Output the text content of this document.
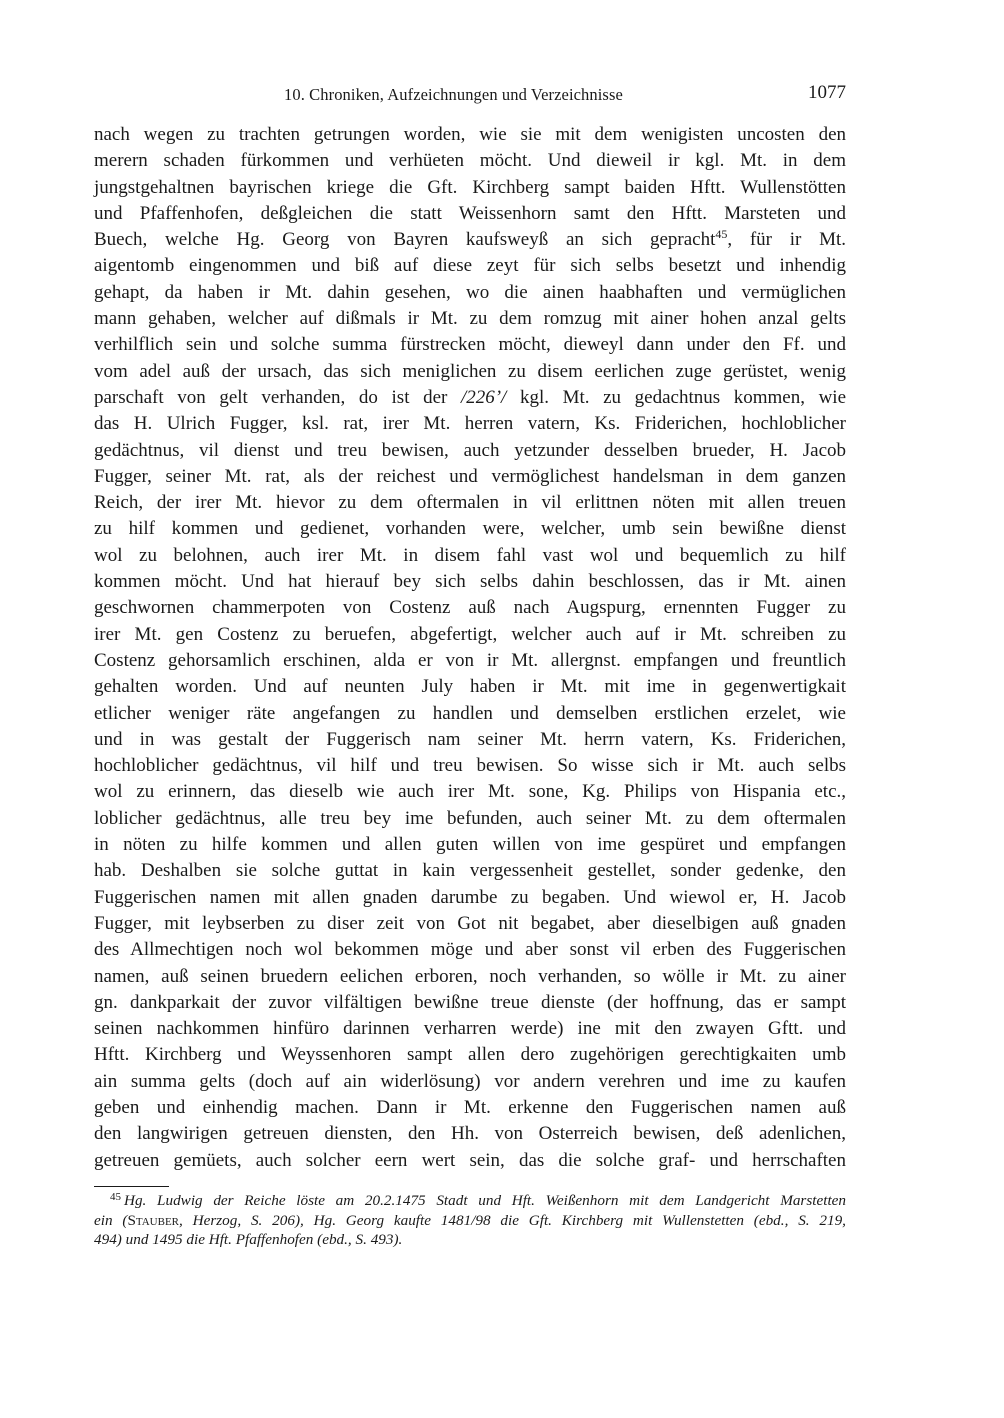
10. Chroniken, Aufzeichnungen und Verzeichnisse	1077
nach wegen zu trachten getrungen worden, wie sie mit dem wenigisten uncosten den
merern schaden fürkommen und verhüeten möcht. Und dieweil ir kgl. Mt. in dem
jungstgehaltnen bayrischen kriege die Gft. Kirchberg sampt baiden Hftt. Wullenstötten
und Pfaffenhofen, deßgleichen die statt Weissenhorn samt den Hftt. Marsteten und
Buech, welche Hg. Georg von Bayren kaufsweyß an sich gepracht$^{45}$, für ir Mt.
aigentomb eingenommen und biß auf diese zeyt für sich selbs besetzt und inhendig
gehapt, da haben ir Mt. dahin gesehen, wo die ainen haabhaften und vermüglichen
mann gehaben, welcher auf dißmals ir Mt. zu dem romzug mit ainer hohen anzal gelts
verhilflich sein und solche summa fürstrecken möcht, dieweyl dann under den Ff. und
vom adel auß der ursach, das sich meniglichen zu disem eerlichen zuge gerüstet, wenig
parschaft von gelt verhanden, do ist der /226’/ kgl. Mt. zu gedachtnus kommen, wie
das H. Ulrich Fugger, ksl. rat, irer Mt. herren vatern, Ks. Friderichen, hochloblicher
gedächtnus, vil dienst und treu bewisen, auch yetzunder desselben brueder, H. Jacob
Fugger, seiner Mt. rat, als der reichest und vermöglichest handelsman in dem ganzen
Reich, der irer Mt. hievor zu dem oftermalen in vil erlittnen nöten mit allen treuen
zu hilf kommen und gedienet, vorhanden were, welcher, umb sein bewißne dienst
wol zu belohnen, auch irer Mt. in disem fahl vast wol und bequemlich zu hilf
kommen möcht. Und hat hierauf bey sich selbs dahin beschlossen, das ir Mt. ainen
geschwornen chammerpoten von Costenz auß nach Augspurg, ernennten Fugger zu
irer Mt. gen Costenz zu beruefen, abgefertigt, welcher auch auf ir Mt. schreiben zu
Costenz gehorsamlich erschinen, alda er von ir Mt. allergnst. empfangen und freuntlich
gehalten worden. Und auf neunten July haben ir Mt. mit ime in gegenwertigkait
etlicher weniger räte angefangen zu handlen und demselben erstlichen erzelet, wie
und in was gestalt der Fuggerisch nam seiner Mt. herrn vatern, Ks. Friderichen,
hochloblicher gedächtnus, vil hilf und treu bewisen. So wisse sich ir Mt. auch selbs
wol zu erinnern, das dieselb wie auch irer Mt. sone, Kg. Philips von Hispania etc.,
loblicher gedächtnus, alle treu bey ime befunden, auch seiner Mt. zu dem oftermalen
in nöten zu hilfe kommen und allen guten willen von ime gespüret und empfangen
hab. Deshalben sie solche guttat in kain vergessenheit gestellet, sonder gedenke, den
Fuggerischen namen mit allen gnaden darumbe zu begaben. Und wiewol er, H. Jacob
Fugger, mit leybserben zu diser zeit von Got nit begabet, aber dieselbigen auß gnaden
des Allmechtigen noch wol bekommen möge und aber sonst vil erben des Fuggerischen
namen, auß seinen bruedern eelichen erboren, noch verhanden, so wölle ir Mt. zu ainer
gn. dankparkait der zuvor vilfältigen bewißne treue dienste (der hoffnung, das er sampt
seinen nachkommen hinfüro darinnen verharren werde) ine mit den zwayen Gftt. und
Hftt. Kirchberg und Weyssenhoren sampt allen dero zugehörigen gerechtigkaiten umb
ain summa gelts (doch auf ain widerlösung) vor andern verehren und ime zu kaufen
geben und einhendig machen. Dann ir Mt. erkenne den Fuggerischen namen auß
den langwirigen getreuen diensten, den Hh. von Osterreich bewisen, deß adenlichen,
getreuen gemüets, auch solcher eern wert sein, das die solche graf- und herrschaften
$^{45}$ Hg. Ludwig der Reiche löste am 20.2.1475 Stadt und Hft. Weißenhorn mit dem Landgericht Marstetten
ein (Stauber, Herzog, S. 206), Hg. Georg kaufte 1481/98 die Gft. Kirchberg mit Wullenstetten (ebd., S. 219,
494) und 1495 die Hft. Pfaffenhofen (ebd., S. 493).
